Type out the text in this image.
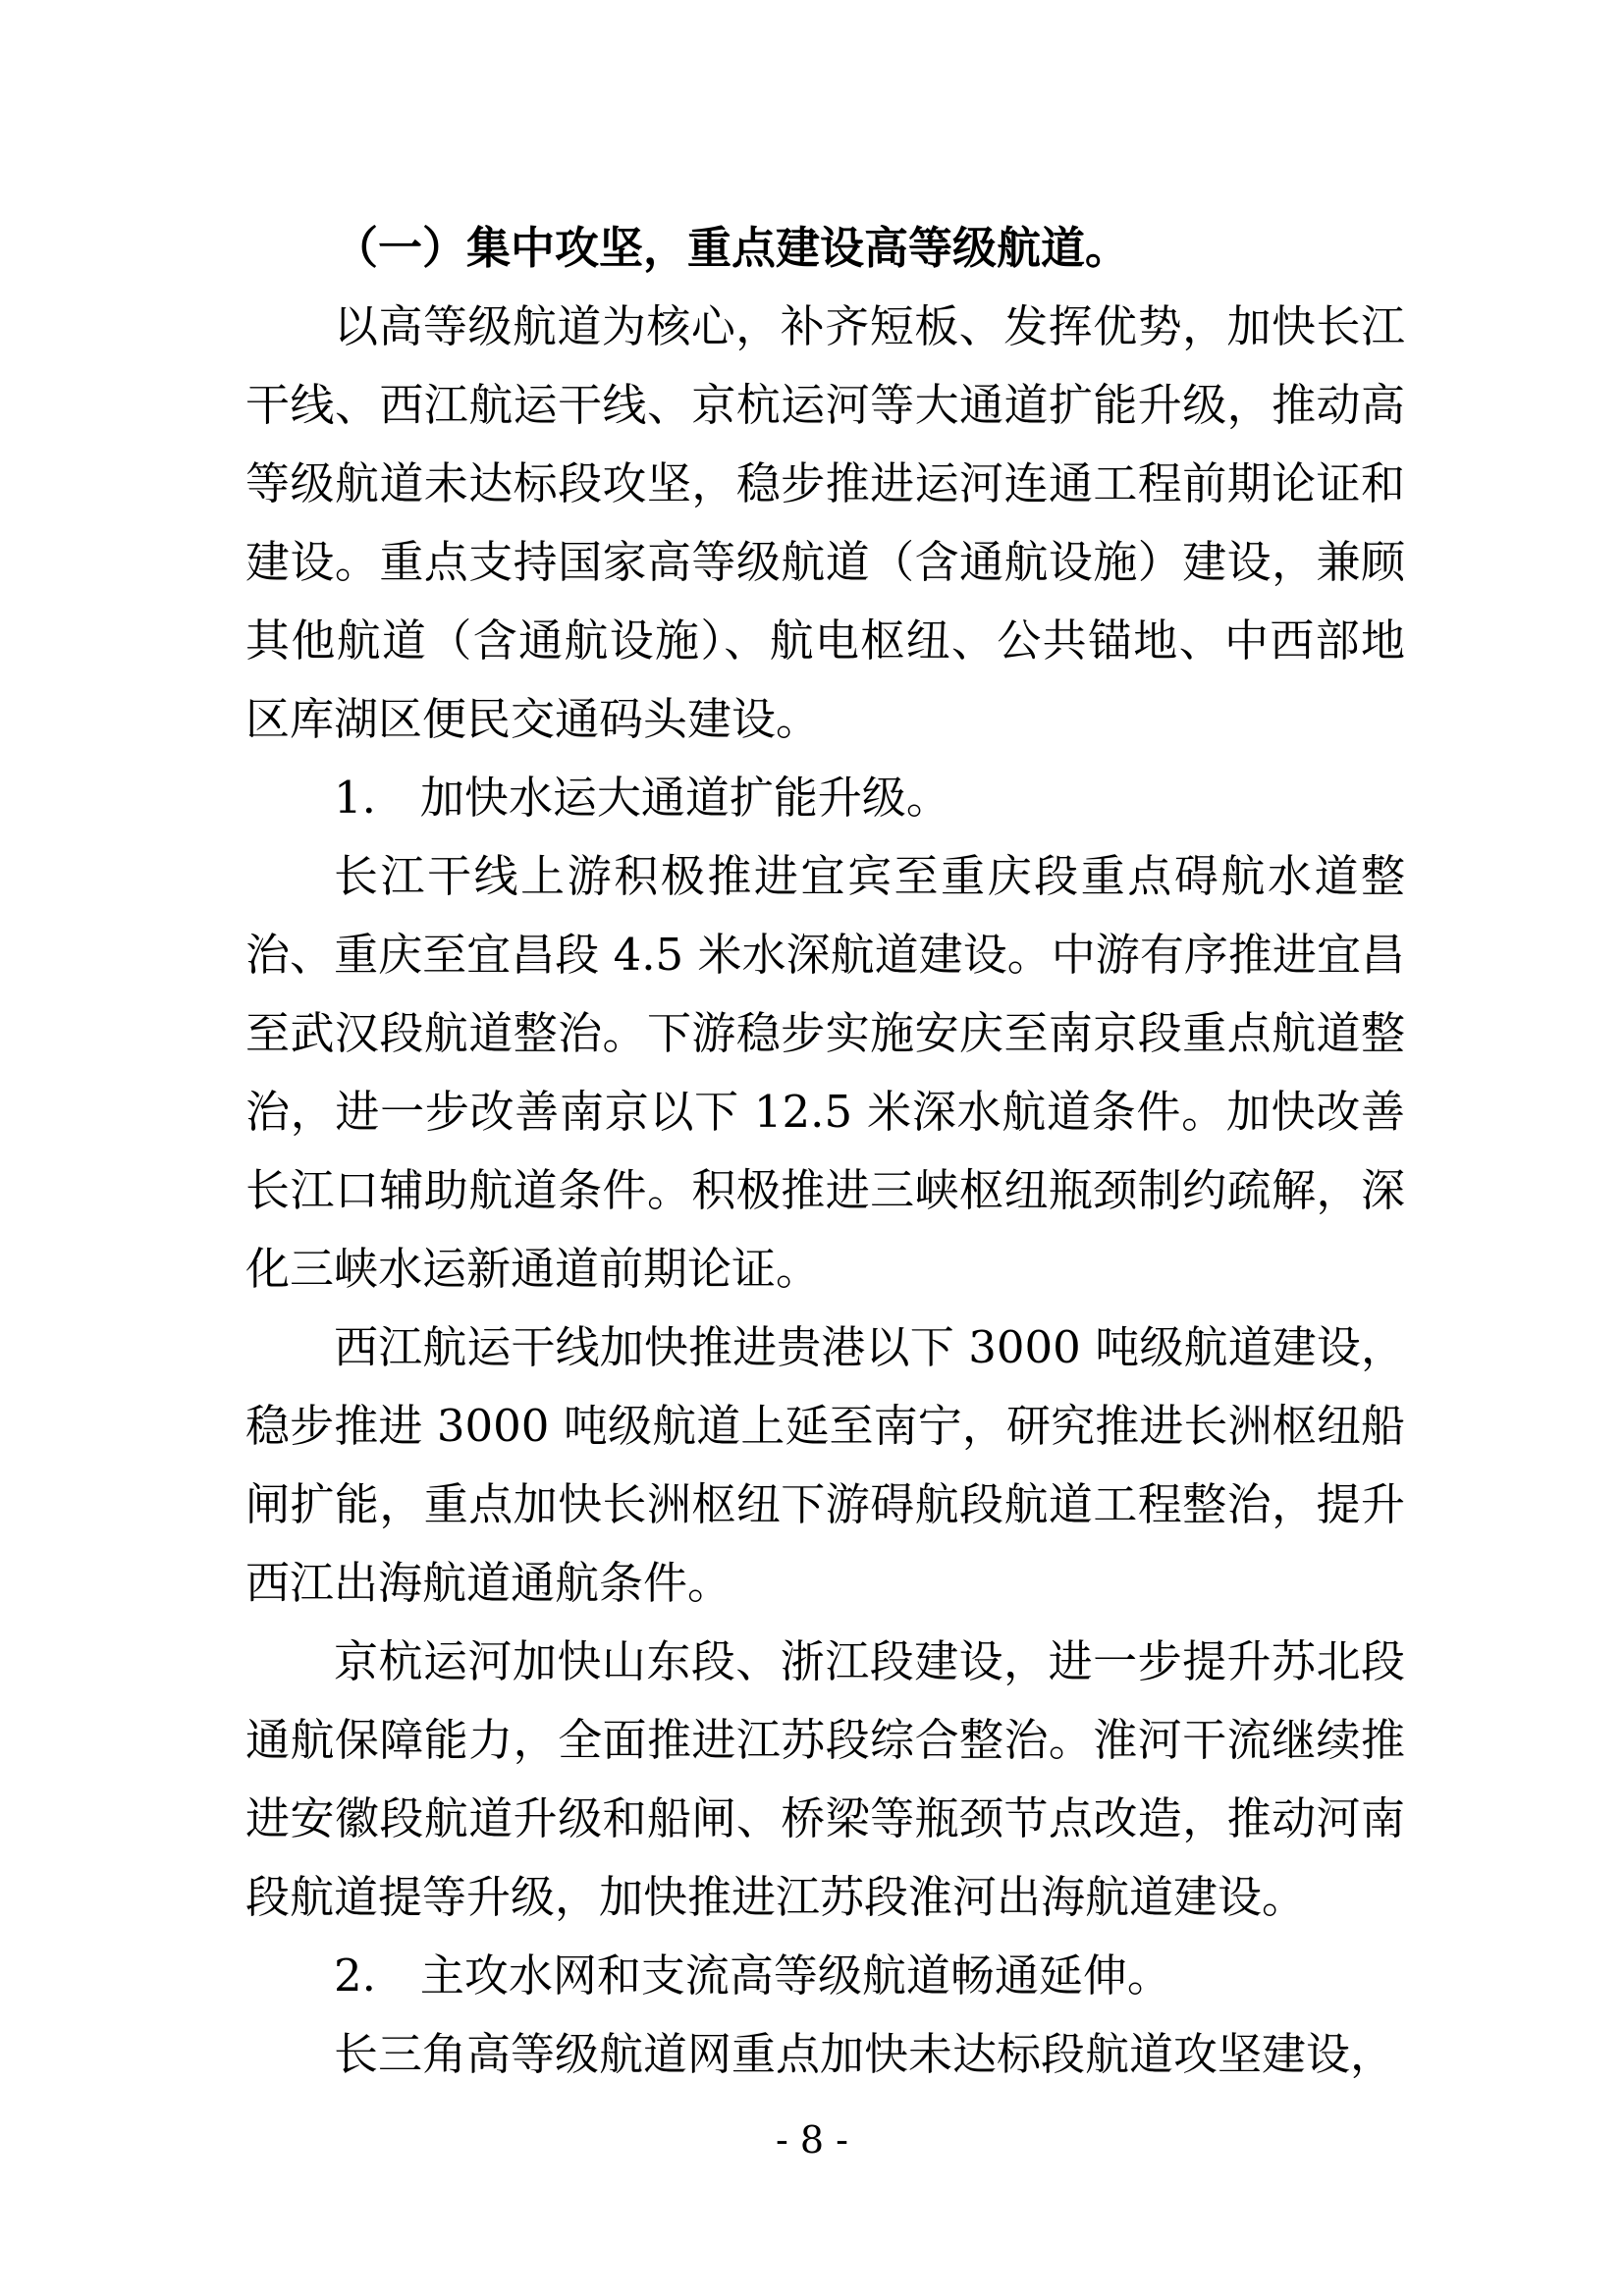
（一）集中攻坚，重点建设高等级航道。

以高等级航道为核心，补齐短板、发挥优势，加快长江干线、西江航运干线、京杭运河等大通道扩能升级，推动高等级航道未达标段攻坚，稳步推进运河连通工程前期论证和建设。重点支持国家高等级航道（含通航设施）建设，兼顾其他航道（含通航设施）、航电枢纽、公共锚地、中西部地区库湖区便民交通码头建设。

1.　加快水运大通道扩能升级。

长江干线上游积极推进宜宾至重庆段重点碍航水道整治、重庆至宜昌段 4.5 米水深航道建设。中游有序推进宜昌至武汉段航道整治。下游稳步实施安庆至南京段重点航道整治，进一步改善南京以下 12.5 米深水航道条件。加快改善长江口辅助航道条件。积极推进三峡枢纽瓶颈制约疏解，深化三峡水运新通道前期论证。

西江航运干线加快推进贵港以下 3000 吨级航道建设，稳步推进 3000 吨级航道上延至南宁，研究推进长洲枢纽船闸扩能，重点加快长洲枢纽下游碍航段航道工程整治，提升西江出海航道通航条件。

京杭运河加快山东段、浙江段建设，进一步提升苏北段通航保障能力，全面推进江苏段综合整治。淮河干流继续推进安徽段航道升级和船闸、桥梁等瓶颈节点改造，推动河南段航道提等升级，加快推进江苏段淮河出海航道建设。

2.　主攻水网和支流高等级航道畅通延伸。

长三角高等级航道网重点加快未达标段航道攻坚建设，

- 8 -
